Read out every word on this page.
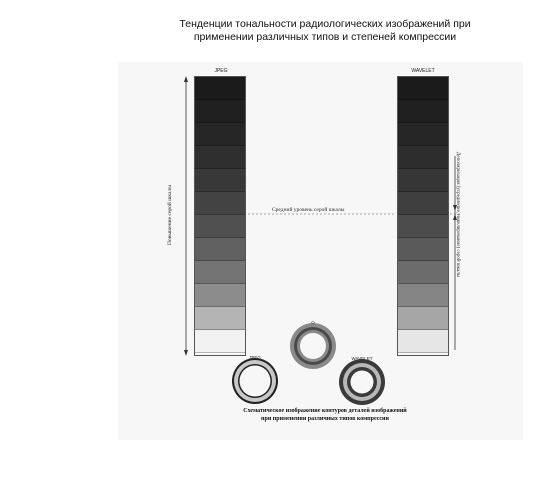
Тенденции тональности радиологических изображений при
применении различных типов и степеней компрессии
JPEG
Повышение серой шкалы
WAVELET
Деполяризация (усреднение, нивелирование) серой шкалы
Средний уровень серой шкалы
O
JPEG	WAVELET
Схематическое изображение контуров деталей изображений
при применении различных типов компрессии
